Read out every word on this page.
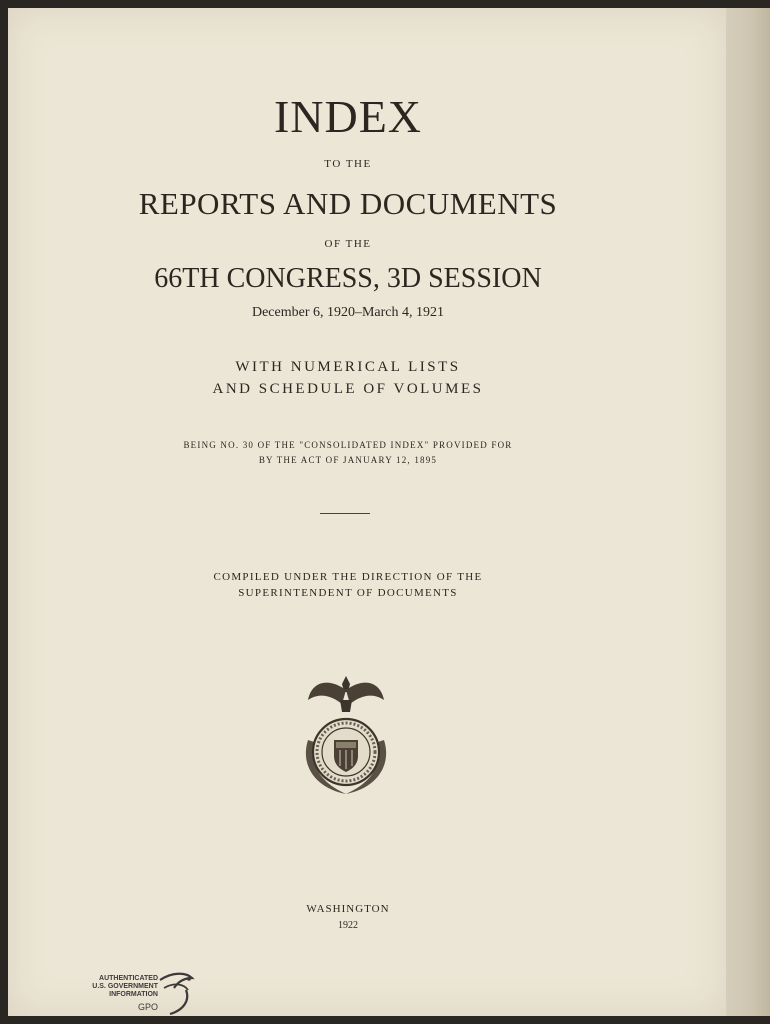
INDEX
TO THE
REPORTS AND DOCUMENTS
OF THE
66TH CONGRESS, 3D SESSION
December 6, 1920–March 4, 1921
WITH NUMERICAL LISTS
AND SCHEDULE OF VOLUMES
BEING NO. 30 OF THE "CONSOLIDATED INDEX" PROVIDED FOR
BY THE ACT OF JANUARY 12, 1895
COMPILED UNDER THE DIRECTION OF THE
SUPERINTENDENT OF DOCUMENTS
WASHINGTON
1922
AUTHENTICATED
U.S. GOVERNMENT
INFORMATION
GPO
